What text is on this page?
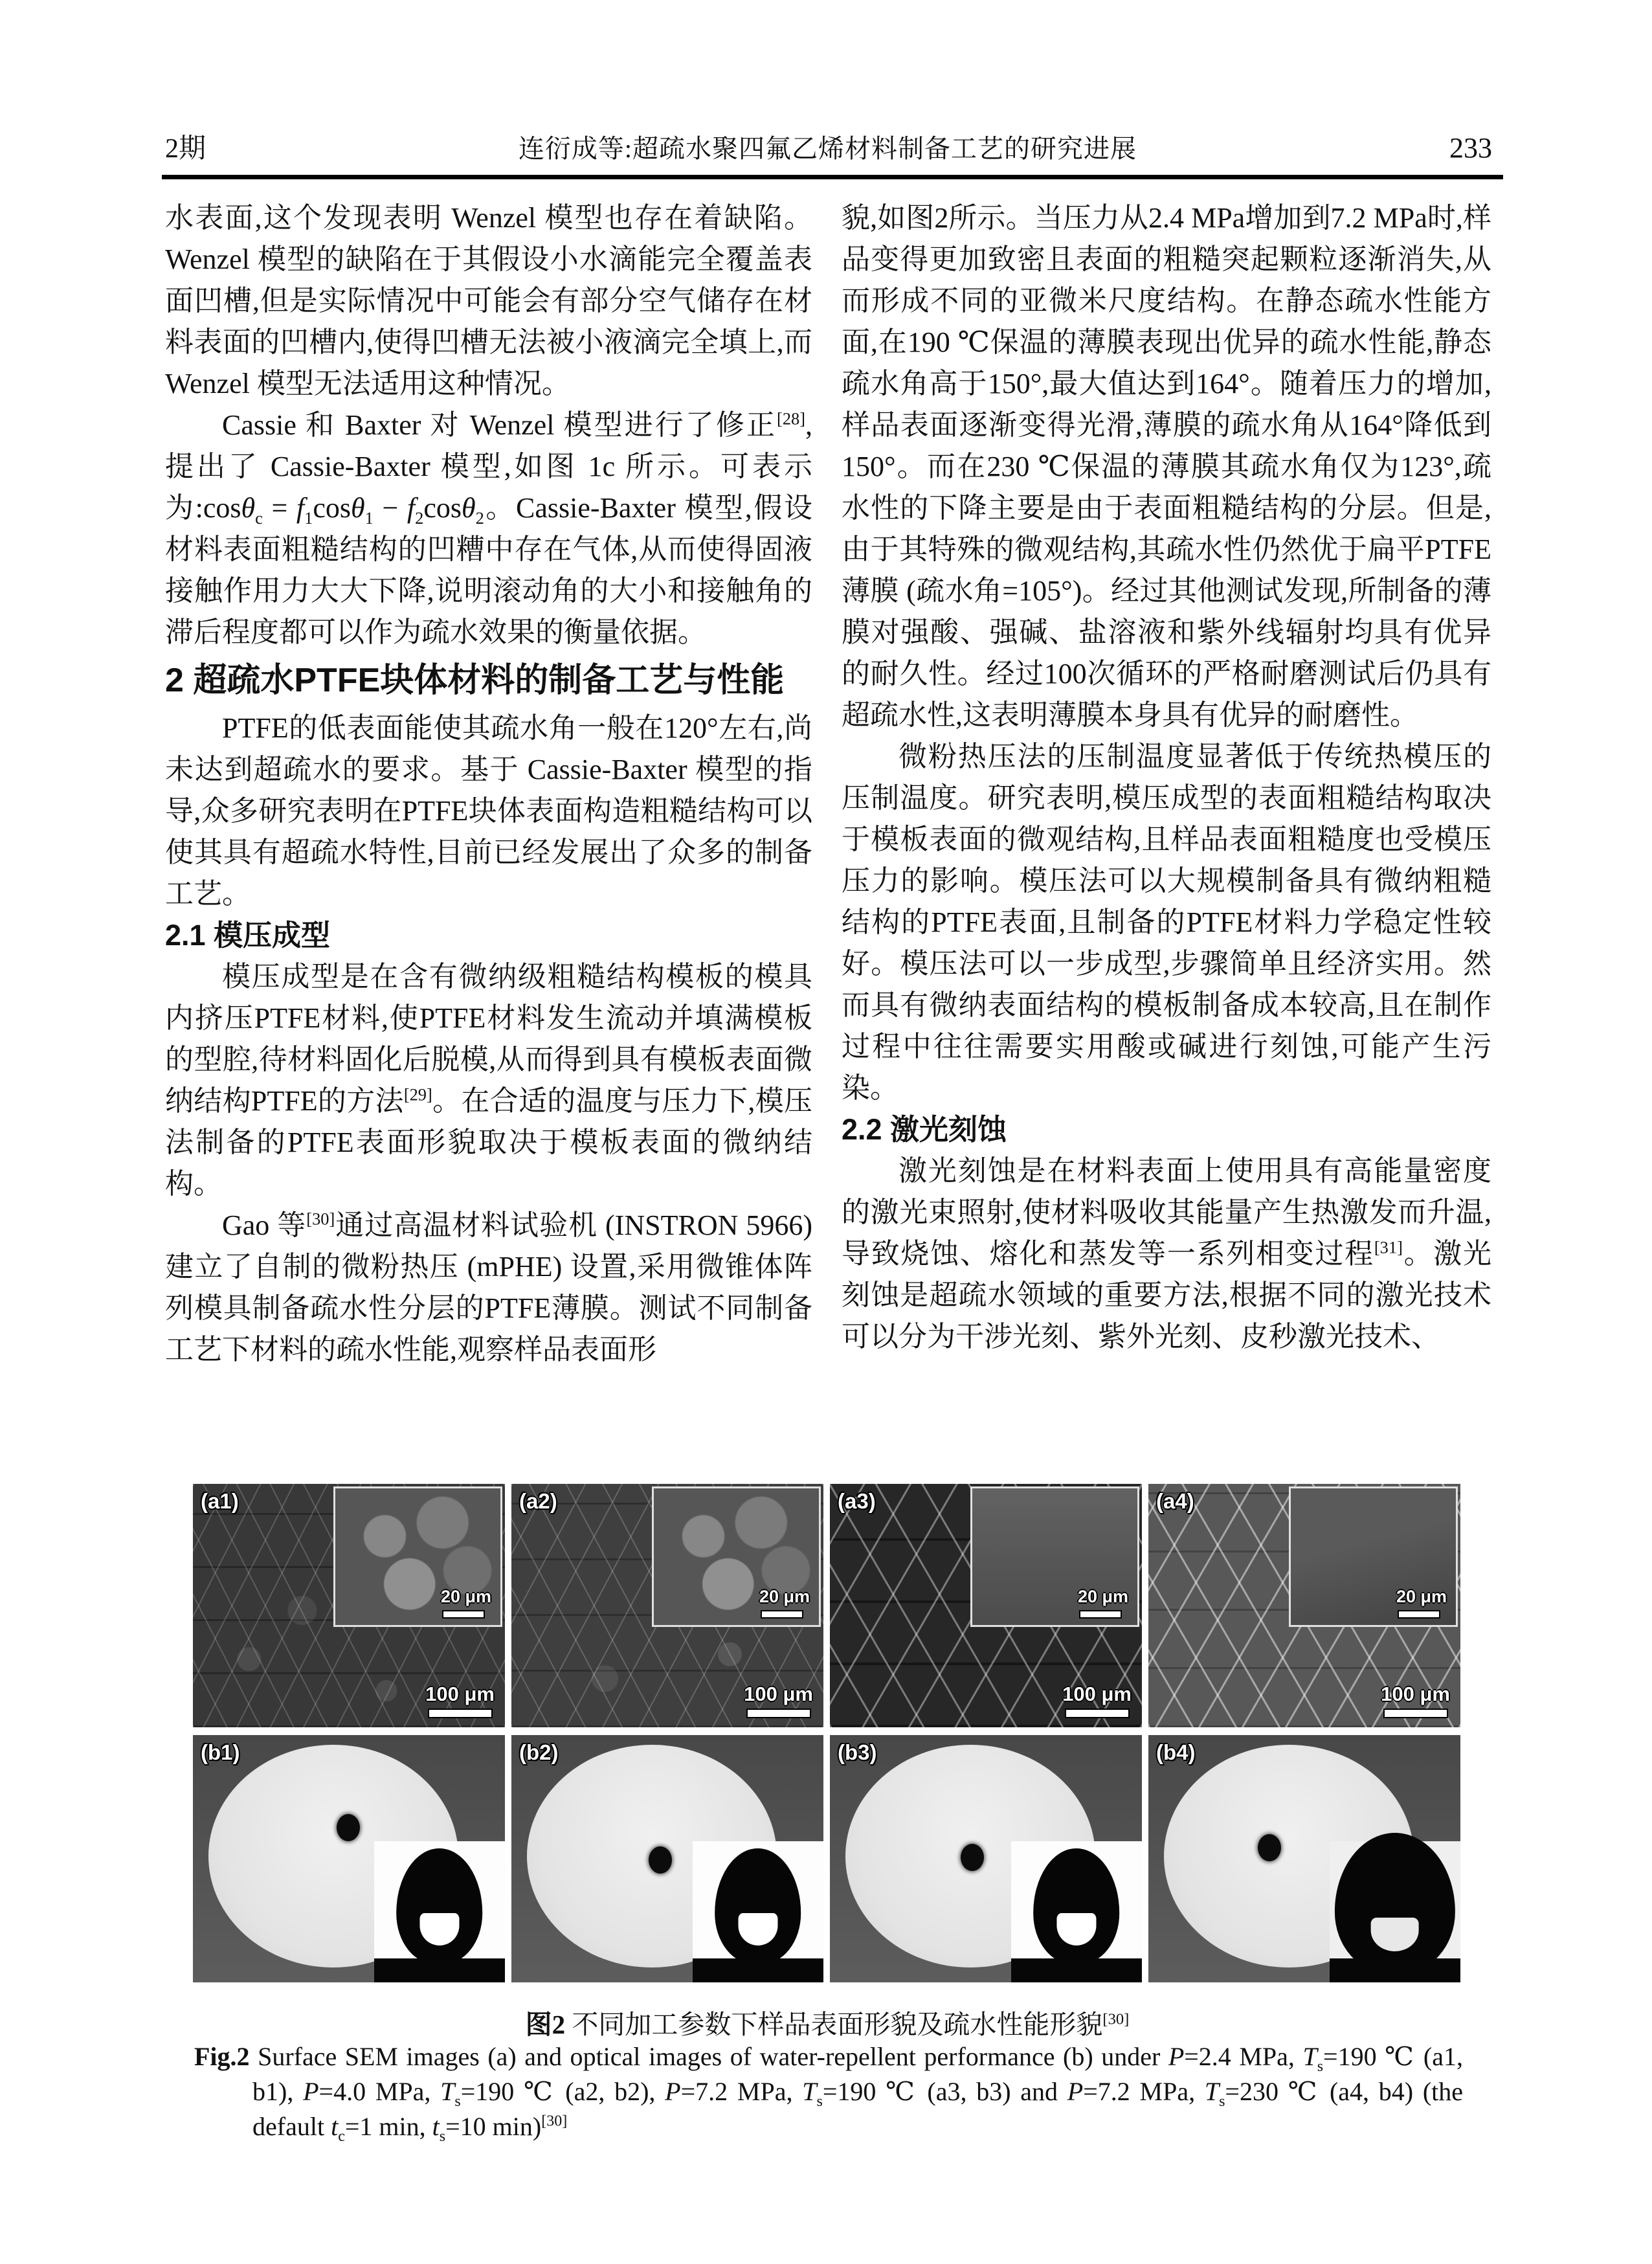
2期	连衍成等:超疏水聚四氟乙烯材料制备工艺的研究进展	233
水表面,这个发现表明 Wenzel 模型也存在着缺陷。Wenzel 模型的缺陷在于其假设小水滴能完全覆盖表面凹槽,但是实际情况中可能会有部分空气储存在材料表面的凹槽内,使得凹槽无法被小液滴完全填上,而 Wenzel 模型无法适用这种情况。
Cassie 和 Baxter 对 Wenzel 模型进行了修正[28],提出了 Cassie-Baxter 模型,如图 1c 所示。可表示为:cosθ$_c$ = $f_1\cos\theta_1 - f_2\cos\theta_2$。Cassie-Baxter 模型,假设材料表面粗糙结构的凹糟中存在气体,从而使得固液接触作用力大大下降,说明滚动角的大小和接触角的滞后程度都可以作为疏水效果的衡量依据。
2 超疏水PTFE块体材料的制备工艺与性能
PTFE的低表面能使其疏水角一般在120°左右,尚未达到超疏水的要求。基于 Cassie-Baxter 模型的指导,众多研究表明在PTFE块体表面构造粗糙结构可以使其具有超疏水特性,目前已经发展出了众多的制备工艺。
2.1 模压成型
模压成型是在含有微纳级粗糙结构模板的模具内挤压PTFE材料,使PTFE材料发生流动并填满模板的型腔,待材料固化后脱模,从而得到具有模板表面微纳结构PTFE的方法[29]。在合适的温度与压力下,模压法制备的PTFE表面形貌取决于模板表面的微纳结构。
Gao 等[30]通过高温材料试验机 (INSTRON 5966) 建立了自制的微粉热压 (mPHE) 设置,采用微锥体阵列模具制备疏水性分层的PTFE薄膜。测试不同制备工艺下材料的疏水性能,观察样品表面形
貌,如图2所示。当压力从2.4 MPa增加到7.2 MPa时,样品变得更加致密且表面的粗糙突起颗粒逐渐消失,从而形成不同的亚微米尺度结构。在静态疏水性能方面,在190 ℃保温的薄膜表现出优异的疏水性能,静态疏水角高于150°,最大值达到164°。随着压力的增加,样品表面逐渐变得光滑,薄膜的疏水角从164°降低到150°。而在230 ℃保温的薄膜其疏水角仅为123°,疏水性的下降主要是由于表面粗糙结构的分层。但是,由于其特殊的微观结构,其疏水性仍然优于扁平PTFE薄膜 (疏水角=105°)。经过其他测试发现,所制备的薄膜对强酸、强碱、盐溶液和紫外线辐射均具有优异的耐久性。经过100次循环的严格耐磨测试后仍具有超疏水性,这表明薄膜本身具有优异的耐磨性。
微粉热压法的压制温度显著低于传统热模压的压制温度。研究表明,模压成型的表面粗糙结构取决于模板表面的微观结构,且样品表面粗糙度也受模压压力的影响。模压法可以大规模制备具有微纳粗糙结构的PTFE表面,且制备的PTFE材料力学稳定性较好。模压法可以一步成型,步骤简单且经济实用。然而具有微纳表面结构的模板制备成本较高,且在制作过程中往往需要实用酸或碱进行刻蚀,可能产生污染。
2.2 激光刻蚀
激光刻蚀是在材料表面上使用具有高能量密度的激光束照射,使材料吸收其能量产生热激发而升温,导致烧蚀、熔化和蒸发等一系列相变过程[31]。激光刻蚀是超疏水领域的重要方法,根据不同的激光技术可以分为干涉光刻、紫外光刻、皮秒激光技术、
(a1)
20 μm
100 μm
(a2)
20 μm
100 μm
(a3)
20 μm
100 μm
(a4)
20 μm
100 μm
(b1)	(b2)	(b3)	(b4)
图2 不同加工参数下样品表面形貌及疏水性能形貌[30]
Fig.2 Surface SEM images (a) and optical images of water-repellent performance (b) under P=2.4 MPa, $T_s=190$ ℃ (a1, b1), P=4.0 MPa, $T_s=190$ ℃ (a2, b2), P=7.2 MPa, $T_s=190$ ℃ (a3, b3) and P=7.2 MPa, $T_s=230$ ℃ (a4, b4) (the default $t_c=1$ min, $t_s=10$ min)[30]
